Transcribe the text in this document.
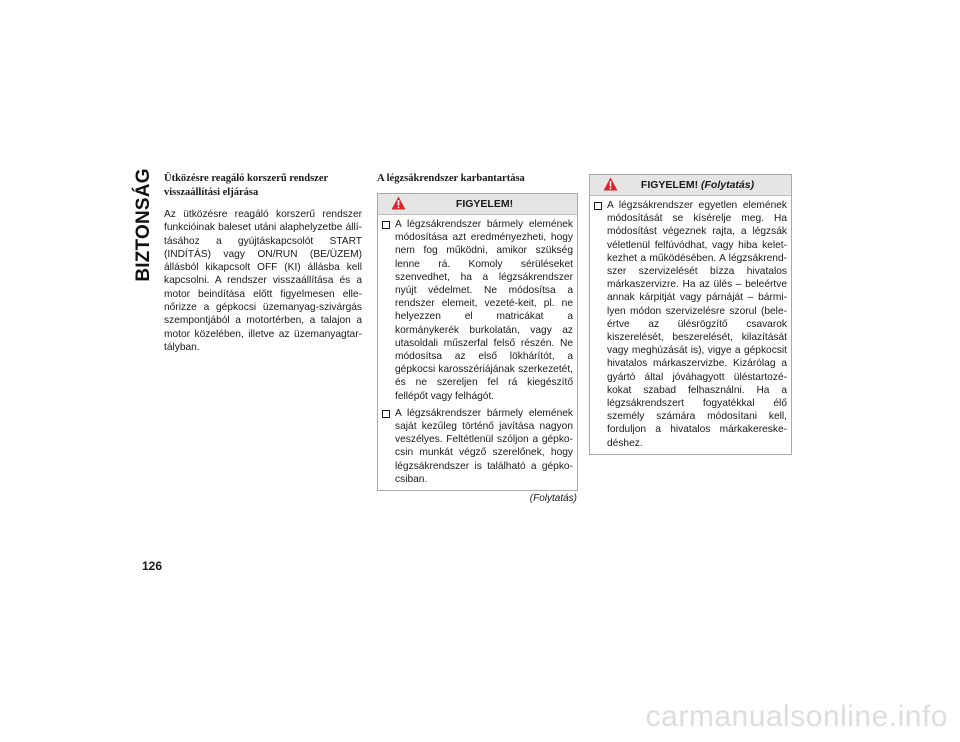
BIZTONSÁG Ütközésre reagáló korszerű rendszer visszaállítási eljárása

Az ütközésre reagáló korszerű rendszer funkcióinak baleset utáni alaphelyzetbe állí-tásához a gyújtáskapcsolót START (INDÍTÁS) vagy ON/RUN (BE/ÜZEM) állásból kikapcsolt OFF (KI) állásba kell kapcsolni. A rendszer visszaállítása és a motor beindítása előtt figyelmesen elle-nőrizze a gépkocsi üzemanyag-szivárgás szempontjából a motortérben, a talajon a motor közelében, illetve az üzemanyagtar-tályban.

A légzsákrendszer karbantartása

FIGYELEM!
A légzsákrendszer bármely elemének módosítása azt eredményezheti, hogy nem fog működni, amikor szükség lenne rá. Komoly sérüléseket szenvedhet, ha a légzsákrendszer nyújt védelmet. Ne módosítsa a rendszer elemeit, vezeté-keit, pl. ne helyezzen el matricákat a kormánykerék burkolatán, vagy az utasoldali műszerfal felső részén. Ne módosítsa az első lökhárítót, a gépkocsi karosszériájának szerkezetét, és ne szereljen fel rá kiegészítő fellépőt vagy felhágót.
A légzsákrendszer bármely elemének saját kezűleg történő javítása nagyon veszélyes. Feltétlenül szóljon a gépko-csin munkát végző szerelőnek, hogy légzsákrendszer is található a gépko-csiban.
(Folytatás)
FIGYELEM! (Folytatás)
A légzsákrendszer egyetlen elemének módosítását se kísérelje meg. Ha módosítást végeznek rajta, a légzsák véletlenül felfúvódhat, vagy hiba kelet-kezhet a működésében. A légzsákrend-szer szervizelését bízza hivatalos márkaszervizre. Ha az ülés – beleértve annak kárpitját vagy párnáját – bármi-lyen módon szervizelésre szorul (bele-értve az ülésrögzítő csavarok kiszerelését, beszerelését, kilazítását vagy meghúzását is), vigye a gépkocsit hivatalos márkaszervizbe. Kizárólag a gyártó által jóváhagyott üléstartozé-kokat szabad felhasználni. Ha a légzsákrendszert fogyatékkal élő személy számára módosítani kell, forduljon a hivatalos márkakereske-déshez.
126
carmanualsonline.info
